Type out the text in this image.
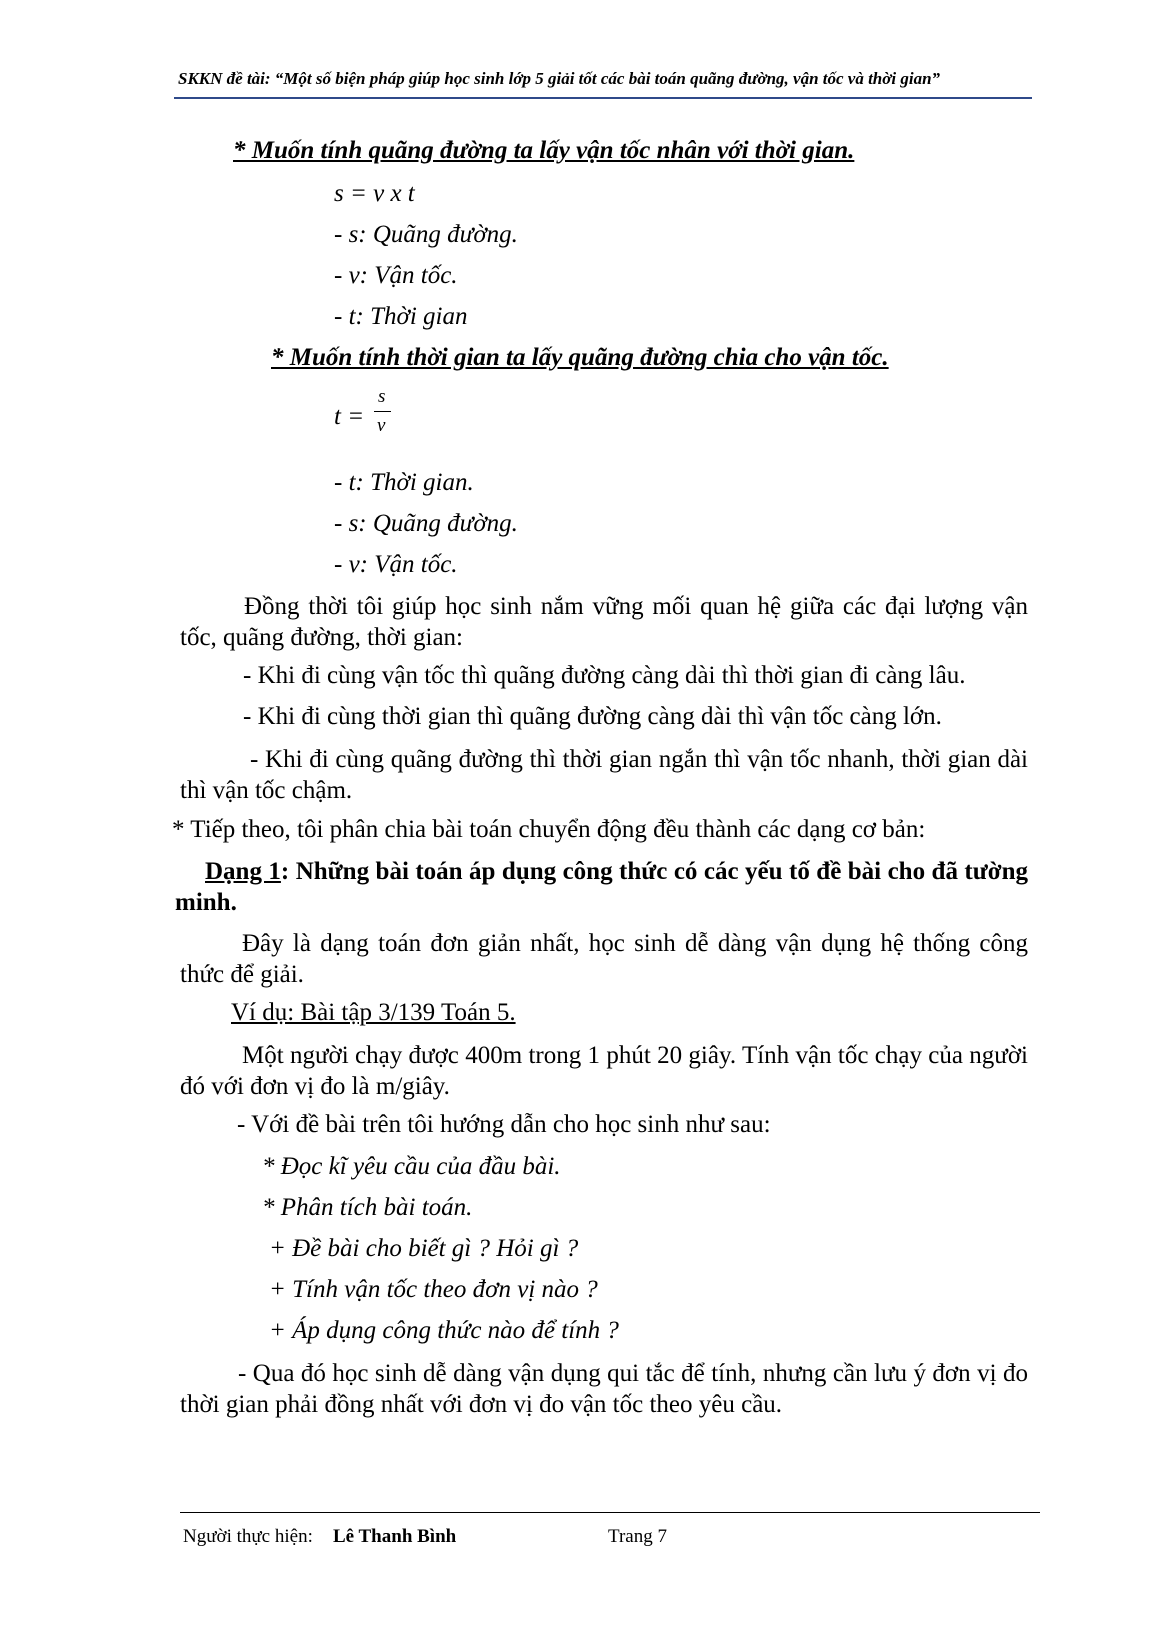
SKKN đề tài: “Một số biện pháp giúp học sinh lớp 5 giải tốt các bài toán quãng đường, vận tốc và thời gian”
* Muốn tính quãng đường ta lấy vận tốc nhân với thời gian.
s = v x t
- s: Quãng đường.
- v: Vận tốc.
- t: Thời gian
* Muốn tính thời gian ta lấy quãng đường chia cho vận tốc.
t =
s
v
- t: Thời gian.
- s: Quãng đường.
- v: Vận tốc.
Đồng thời tôi giúp học sinh nắm vững mối quan hệ giữa các đại lượng vận tốc, quãng đường, thời gian:
- Khi đi cùng vận tốc thì quãng đường càng dài thì thời gian đi càng lâu.
- Khi đi cùng thời gian thì quãng đường càng dài thì vận tốc càng lớn.
- Khi đi cùng quãng đường thì thời gian ngắn thì vận tốc nhanh, thời gian dài thì vận tốc chậm.
* Tiếp theo, tôi phân chia bài toán chuyển động đều thành các dạng cơ bản:
Dạng 1: Những bài toán áp dụng công thức có các yếu tố đề bài cho đã tường minh.
Đây là dạng toán đơn giản nhất, học sinh dễ dàng vận dụng hệ thống công thức để giải.
Ví dụ: Bài tập 3/139 Toán 5.
Một người chạy được 400m trong 1 phút 20 giây. Tính vận tốc chạy của người đó với đơn vị đo là m/giây.
- Với đề bài trên tôi hướng dẫn cho học sinh như sau:
* Đọc kĩ yêu cầu của đầu bài.
* Phân tích bài toán.
+ Đề bài cho biết gì ? Hỏi gì ?
+ Tính vận tốc theo đơn vị nào ?
+ Áp dụng công thức nào để tính ?
- Qua đó học sinh dễ dàng vận dụng qui tắc để tính, nhưng cần lưu ý đơn vị đo thời gian phải đồng nhất với đơn vị đo vận tốc theo yêu cầu.
Người thực hiện: Lê Thanh Bình	Trang 7
